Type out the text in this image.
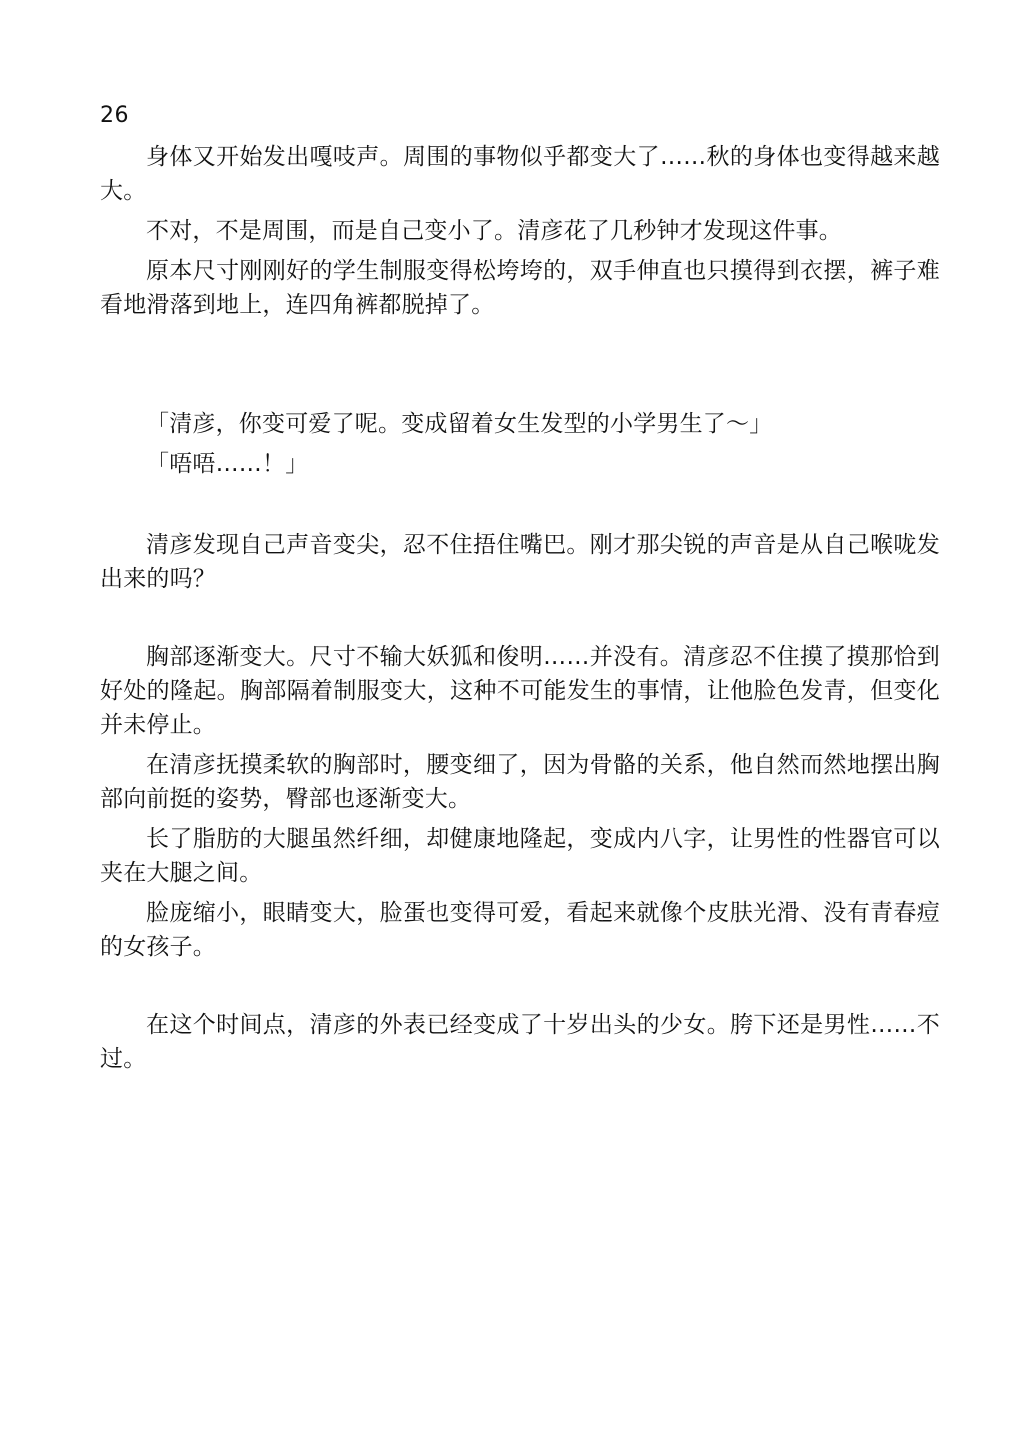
26

身体又开始发出嘎吱声。周围的事物似乎都变大了……秋的身体也变得越来越大。

不对，不是周围，而是自己变小了。清彦花了几秒钟才发现这件事。

原本尺寸刚刚好的学生制服变得松垮垮的，双手伸直也只摸得到衣摆，裤子难看地滑落到地上，连四角裤都脱掉了。

「清彦，你变可爱了呢。变成留着女生发型的小学男生了～」

「唔唔……！」

清彦发现自己声音变尖，忍不住捂住嘴巴。刚才那尖锐的声音是从自己喉咙发出来的吗？

胸部逐渐变大。尺寸不输大妖狐和俊明……并没有。清彦忍不住摸了摸那恰到好处的隆起。胸部隔着制服变大，这种不可能发生的事情，让他脸色发青，但变化并未停止。

在清彦抚摸柔软的胸部时，腰变细了，因为骨骼的关系，他自然而然地摆出胸部向前挺的姿势，臀部也逐渐变大。

长了脂肪的大腿虽然纤细，却健康地隆起，变成内八字，让男性的性器官可以夹在大腿之间。

脸庞缩小，眼睛变大，脸蛋也变得可爱，看起来就像个皮肤光滑、没有青春痘的女孩子。

在这个时间点，清彦的外表已经变成了十岁出头的少女。胯下还是男性……不过。
